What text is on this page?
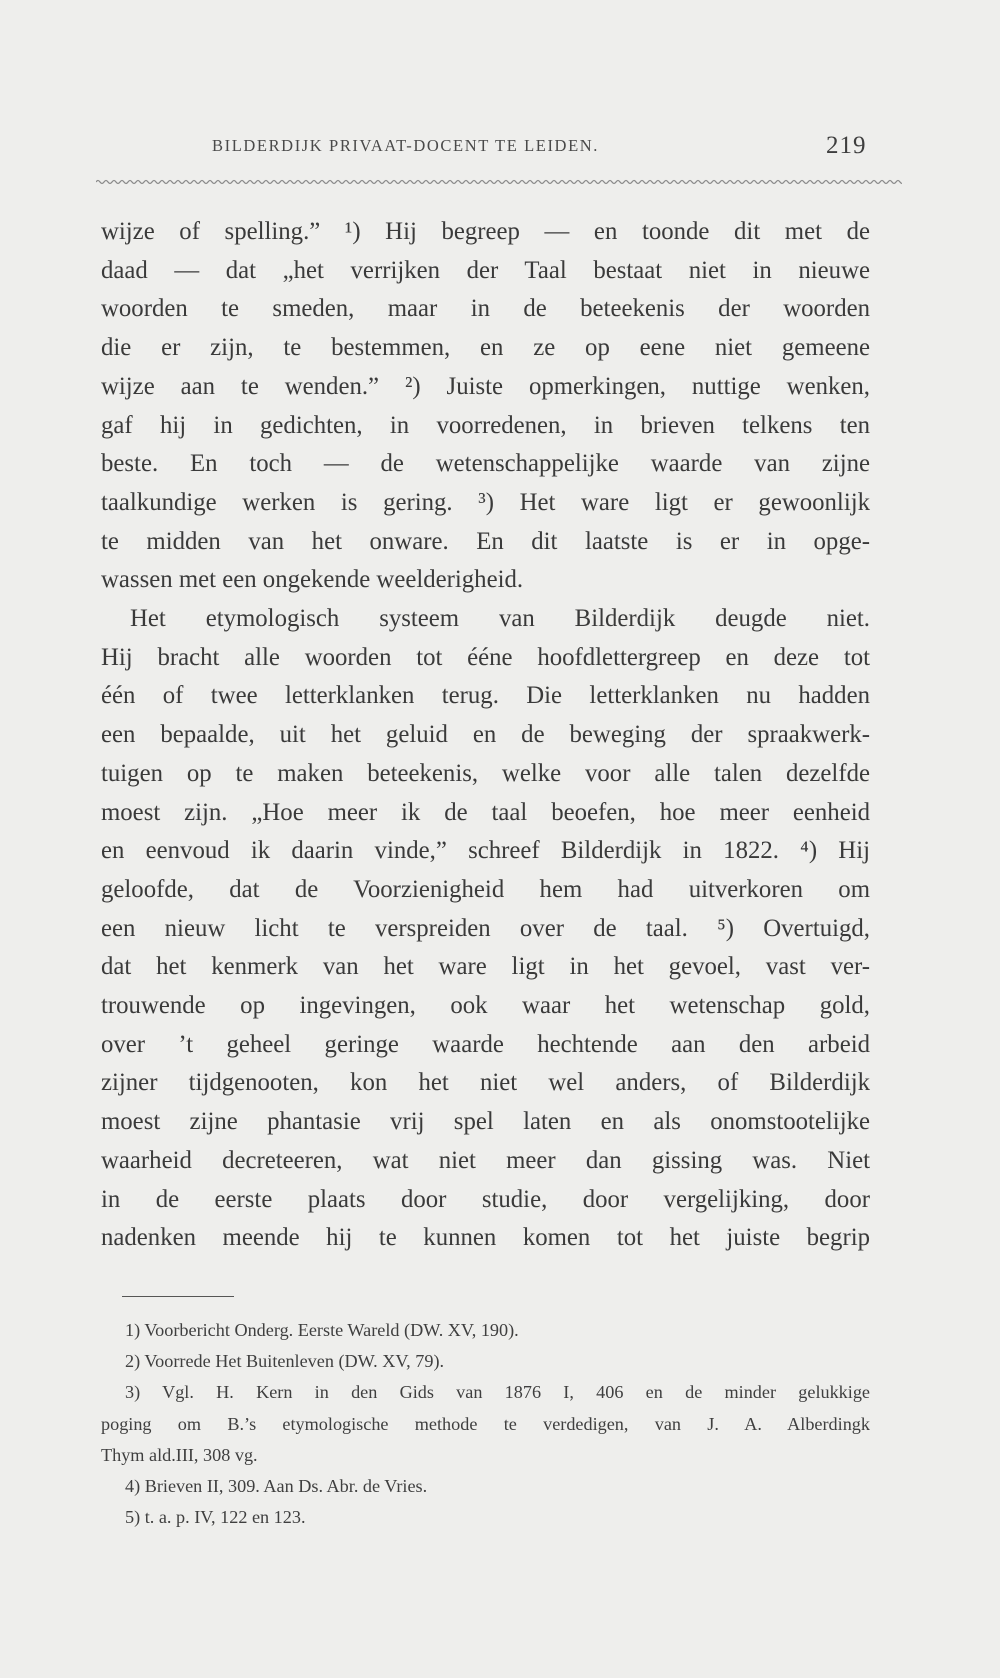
BILDERDIJK PRIVAAT-DOCENT TE LEIDEN.	219
wijze of spelling.” ¹) Hij begreep — en toonde dit met de
daad — dat „het verrijken der Taal bestaat niet in nieuwe
woorden te smeden, maar in de beteekenis der woorden
die er zijn, te bestemmen, en ze op eene niet gemeene
wijze aan te wenden.” ²) Juiste opmerkingen, nuttige wenken,
gaf hij in gedichten, in voorredenen, in brieven telkens ten
beste. En toch — de wetenschappelijke waarde van zijne
taalkundige werken is gering. ³) Het ware ligt er gewoonlijk
te midden van het onware. En dit laatste is er in opge-
wassen met een ongekende weelderigheid.
Het etymologisch systeem van Bilderdijk deugde niet.
Hij bracht alle woorden tot ééne hoofdlettergreep en deze tot
één of twee letterklanken terug. Die letterklanken nu hadden
een bepaalde, uit het geluid en de beweging der spraakwerk-
tuigen op te maken beteekenis, welke voor alle talen dezelfde
moest zijn. „Hoe meer ik de taal beoefen, hoe meer eenheid
en eenvoud ik daarin vinde,” schreef Bilderdijk in 1822. ⁴) Hij
geloofde, dat de Voorzienigheid hem had uitverkoren om
een nieuw licht te verspreiden over de taal. ⁵) Overtuigd,
dat het kenmerk van het ware ligt in het gevoel, vast ver-
trouwende op ingevingen, ook waar het wetenschap gold,
over ’t geheel geringe waarde hechtende aan den arbeid
zijner tijdgenooten, kon het niet wel anders, of Bilderdijk
moest zijne phantasie vrij spel laten en als onomstootelijke
waarheid decreteeren, wat niet meer dan gissing was. Niet
in de eerste plaats door studie, door vergelijking, door
nadenken meende hij te kunnen komen tot het juiste begrip
1) Voorbericht Onderg. Eerste Wareld (DW. XV, 190).
2) Voorrede Het Buitenleven (DW. XV, 79).
3) Vgl. H. Kern in den Gids van 1876 I, 406 en de minder gelukkige
poging om B.’s etymologische methode te verdedigen, van J. A. Alberdingk
Thym ald.III, 308 vg.
4) Brieven II, 309. Aan Ds. Abr. de Vries.
5) t. a. p. IV, 122 en 123.
